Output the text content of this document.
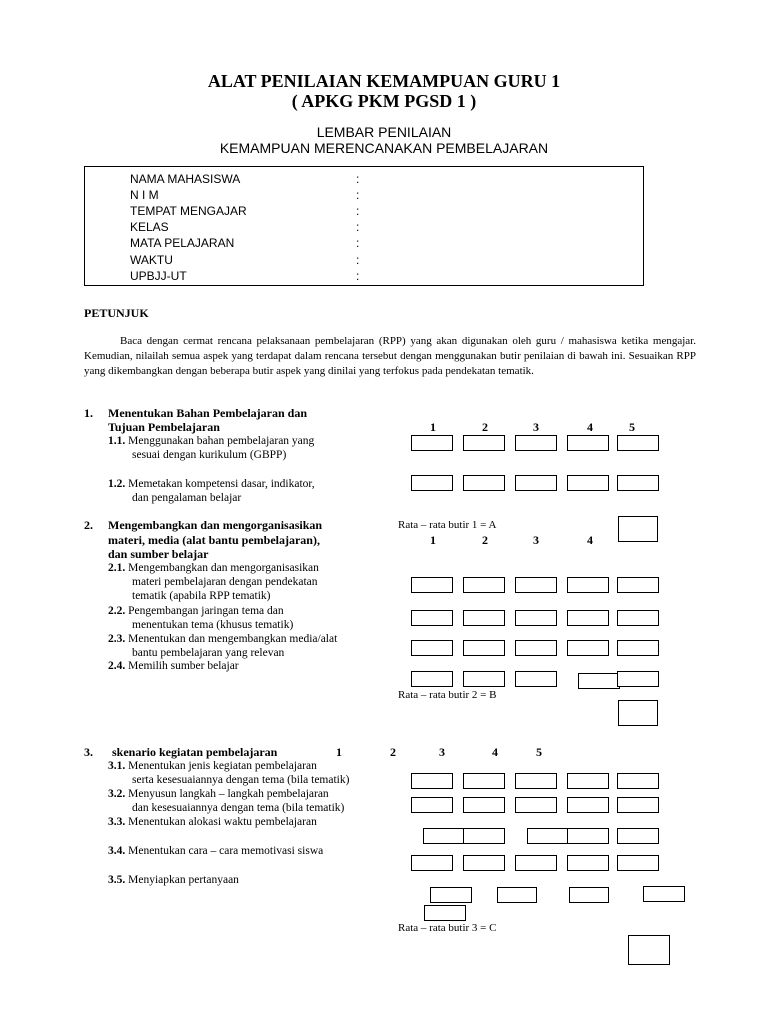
ALAT PENILAIAN KEMAMPUAN GURU 1
( APKG PKM PGSD 1 )
LEMBAR PENILAIAN
KEMAMPUAN MERENCANAKAN PEMBELAJARAN
NAMA MAHASISWA	:
N I M	:
TEMPAT MENGAJAR	:
KELAS	:
MATA PELAJARAN	:
WAKTU	:
UPBJJ-UT	:
PETUNJUK
Baca dengan cermat rencana pelaksanaan pembelajaran (RPP) yang akan digunakan oleh guru / mahasiswa ketika mengajar. Kemudian, nilailah semua aspek yang terdapat dalam rencana tersebut dengan menggunakan butir penilaian di bawah ini. Sesuaikan RPP yang dikembangkan dengan beberapa butir aspek yang dinilai yang terfokus pada pendekatan tematik.
1. Menentukan Bahan Pembelajaran dan
Tujuan Pembelajaran	1	2	3	4	5
1.1. Menggunakan bahan pembelajaran yang
sesuai dengan kurikulum (GBPP)
1.2. Memetakan kompetensi dasar, indikator,
dan pengalaman belajar
Rata – rata butir 1 = A
2. Mengembangkan dan mengorganisasikan
materi, media (alat bantu pembelajaran),
dan sumber belajar
1	2	3	4
2.1. Mengembangkan dan mengorganisasikan
materi pembelajaran dengan pendekatan
tematik (apabila RPP tematik)
2.2. Pengembangan jaringan tema dan
menentukan tema (khusus tematik)
2.3. Menentukan dan mengembangkan media/alat
bantu pembelajaran yang relevan
2.4. Memilih sumber belajar
Rata – rata butir 2 = B
3. skenario kegiatan pembelajaran	1	2	3	4	5
3.1. Menentukan jenis kegiatan pembelajaran
serta kesesuaiannya dengan tema (bila tematik)
3.2. Menyusun langkah – langkah pembelajaran
dan kesesuaiannya dengan tema (bila tematik)
3.3. Menentukan alokasi waktu pembelajaran
3.4. Menentukan cara – cara memotivasi siswa
3.5. Menyiapkan pertanyaan
Rata – rata butir 3 = C
